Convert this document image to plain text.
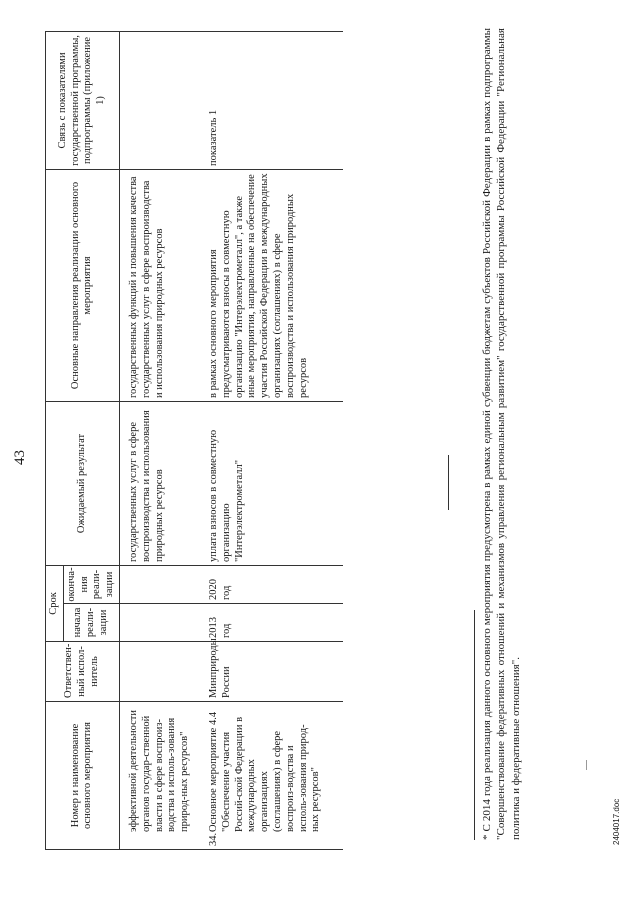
43
Номер и наименование основного мероприятия	Ответствен-ный испол-нитель	Срок		Ожидаемый результат	Основные направления реализации основного мероприятия	Связь с показателями государственной программы, подпрограммы (приложение 1)
		начала реали-зации	оконча-ния реали-зации			

эффективной деятельности органов государ-ственной власти в сфере воспроиз-водства и исполь-зования природ-ных ресурсов"				государственных услуг в сфере воспроизводства и использования природных ресурсов	государственных функций и повышения качества государственных услуг в сфере воспроизводства и использования природных ресурсов	
34.Основное мероприятие 4.4 "Обеспечение участия Россий-ской Федерации в международных организациях (соглашениях) в сфере воспроиз-водства и исполь-зования природ-ных ресурсов"	Минприроды России	2013 год	2020 год	уплата взносов в совместную организацию "Интерэлектрометалл"	в рамках основного мероприятия предусматриваются взносы в совместную организацию "Интерэлектрометалл", а также иные мероприятия, направленные на обеспечение участия Российской Федерации в международных организациях (соглашениях) в сфере воспроизводства и использования природных ресурсов	показатель 1
							* С 2014 года реализация данного основного мероприятия предусмотрена в рамках единой субвенции бюджетам субъектов Российской Федерации в рамках подпрограммы "Совершенствование федеративных отношений и механизмов управления региональным развитием" государственной программы Российской Федерации "Региональная политика и федеративные отношения".	2404017.doc
